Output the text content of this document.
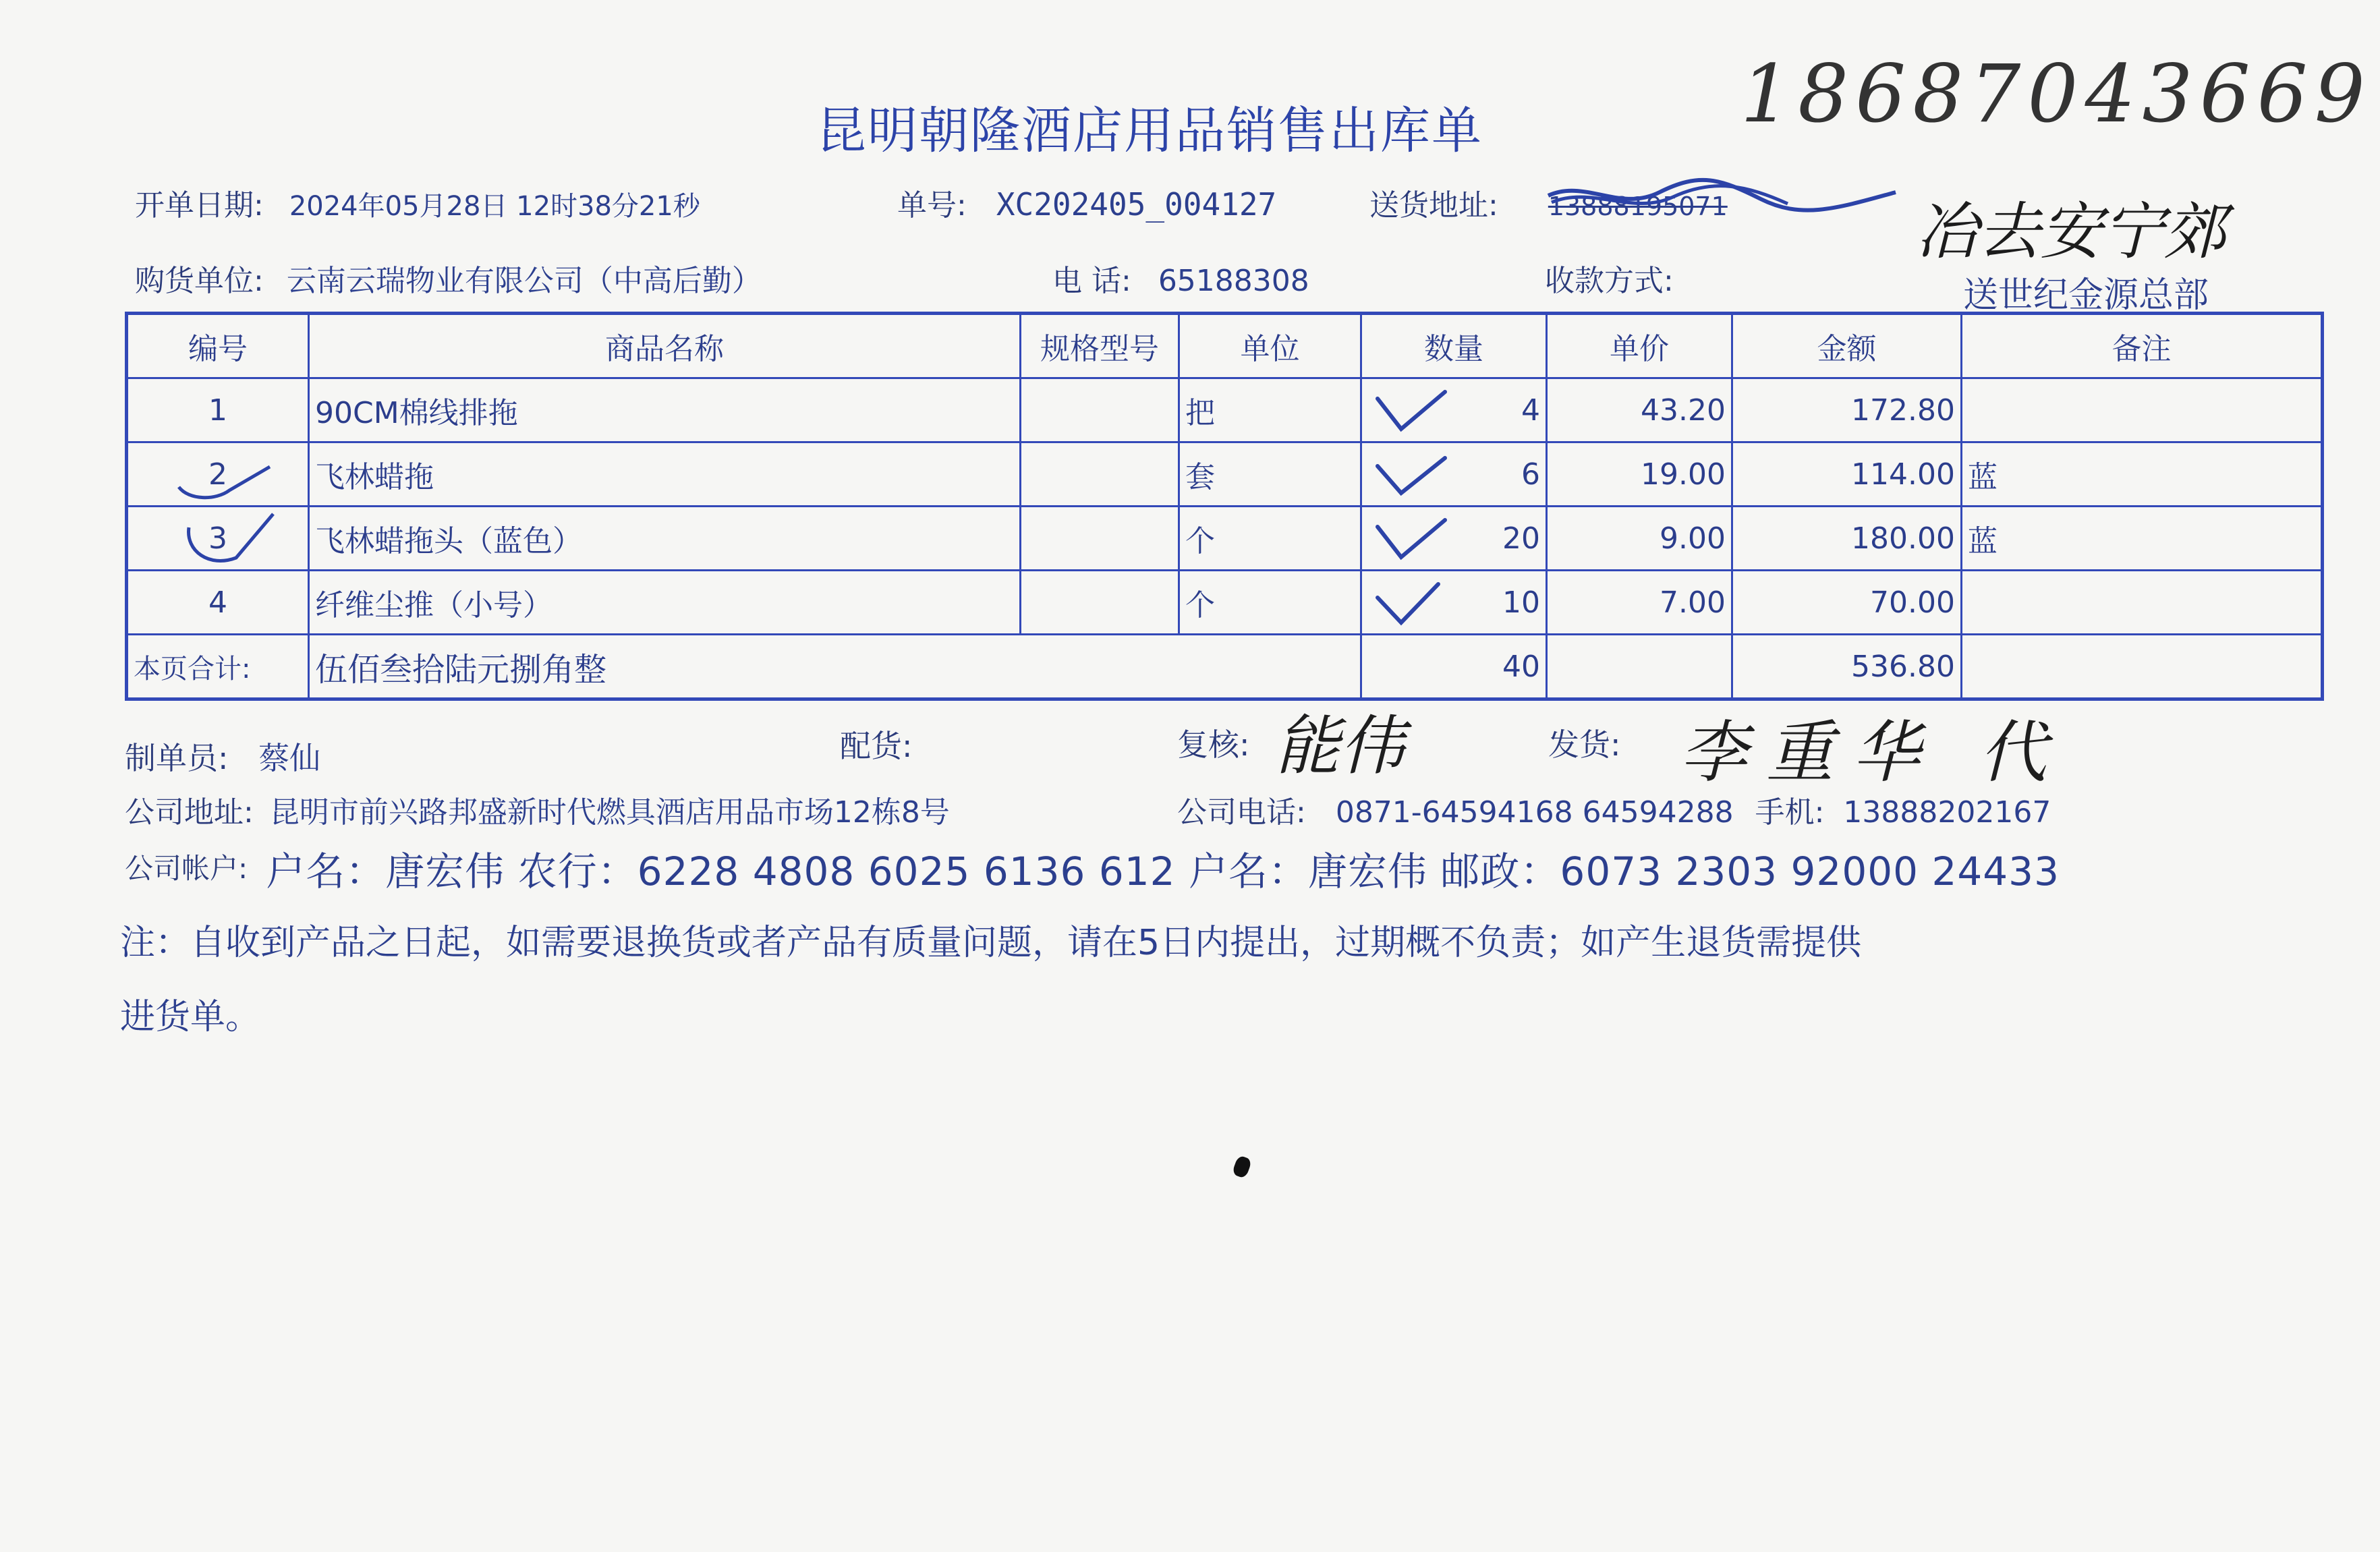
18687043669
昆明朝隆酒店用品销售出库单
开单日期: 2024年05月28日 12时38分21秒	单号: XC202405_004127	送货地址: 13888195071	冶去安宁郊
送世纪金源总部
购货单位: 云南云瑞物业有限公司（中高后勤）	电 话: 65188308	收款方式:
编号	商品名称	规格型号	单位	数量	单价	金额	备注
1	90CM棉线排拖		把	4	43.20	172.80	

2	飞林蜡拖		套	6	19.00	114.00	蓝

3	飞林蜡拖头（蓝色）		个	20	9.00	180.00	蓝
4	纤维尘推（小号）		个	10	7.00	70.00	
本页合计:	伍佰叁拾陆元捌角整			40		536.80	
制单员: 蔡仙	配货:	复核: 能伟	发货: 李重华 代
公司地址: 昆明市前兴路邦盛新时代燃具酒店用品市场12栋8号	公司电话: 0871-64594168 64594288 手机: 13888202167
公司帐户: 户名：唐宏伟 农行：6228 4808 6025 6136 612 户名：唐宏伟 邮政：6073 2303 92000 24433
注：自收到产品之日起，如需要退换货或者产品有质量问题，请在5日内提出，过期概不负责；如产生退货需提供
进货单。
